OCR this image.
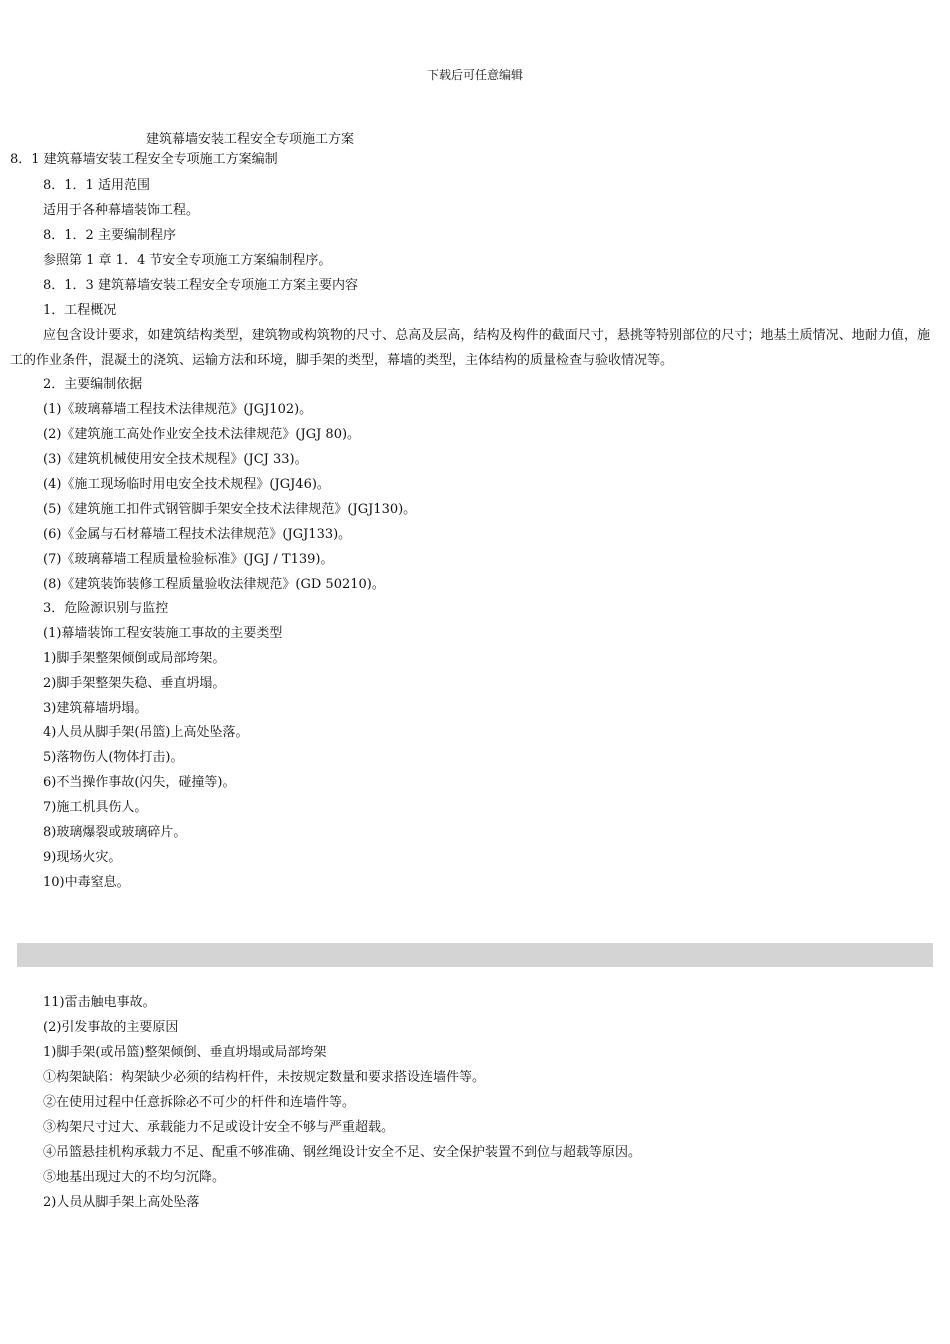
下载后可任意编辑
建筑幕墙安装工程安全专项施工方案
8．1 建筑幕墙安装工程安全专项施工方案编制
8．1．1 适用范围
适用于各种幕墙装饰工程。
8．1．2 主要编制程序
参照第 1 章 1．4 节安全专项施工方案编制程序。
8．1．3 建筑幕墙安装工程安全专项施工方案主要内容
1．工程概况
应包含设计要求，如建筑结构类型，建筑物或构筑物的尺寸、总高及层高，结构及构件的截面尺寸，悬挑等特别部位的尺寸；地基土质情况、地耐力值，施工的作业条件，混凝土的浇筑、运输方法和环境，脚手架的类型，幕墙的类型，主体结构的质量检查与验收情况等。
2．主要编制依据
(1)《玻璃幕墙工程技术法律规范》(JGJ102)。
(2)《建筑施工高处作业安全技术法律规范》(JGJ 80)。
(3)《建筑机械使用安全技术规程》(JCJ 33)。
(4)《施工现场临时用电安全技术规程》(JGJ46)。
(5)《建筑施工扣件式钢管脚手架安全技术法律规范》(JGJ130)。
(6)《金属与石材幕墙工程技术法律规范》(JGJ133)。
(7)《玻璃幕墙工程质量检验标准》(JGJ / T139)。
(8)《建筑装饰装修工程质量验收法律规范》(GD 50210)。
3．危险源识别与监控
(1)幕墙装饰工程安装施工事故的主要类型
1)脚手架整架倾倒或局部垮架。
2)脚手架整架失稳、垂直坍塌。
3)建筑幕墙坍塌。
4)人员从脚手架(吊篮)上高处坠落。
5)落物伤人(物体打击)。
6)不当操作事故(闪失，碰撞等)。
7)施工机具伤人。
8)玻璃爆裂或玻璃碎片。
9)现场火灾。
10)中毒窒息。
11)雷击触电事故。
(2)引发事故的主要原因
1)脚手架(或吊篮)整架倾倒、垂直坍塌或局部垮架
①构架缺陷：构架缺少必须的结构杆件，未按规定数量和要求搭设连墙件等。
②在使用过程中任意拆除必不可少的杆件和连墙件等。
③构架尺寸过大、承载能力不足或设计安全不够与严重超载。
④吊篮悬挂机构承载力不足、配重不够准确、钢丝绳设计安全不足、安全保护装置不到位与超载等原因。
⑤地基出现过大的不均匀沉降。
2)人员从脚手架上高处坠落
